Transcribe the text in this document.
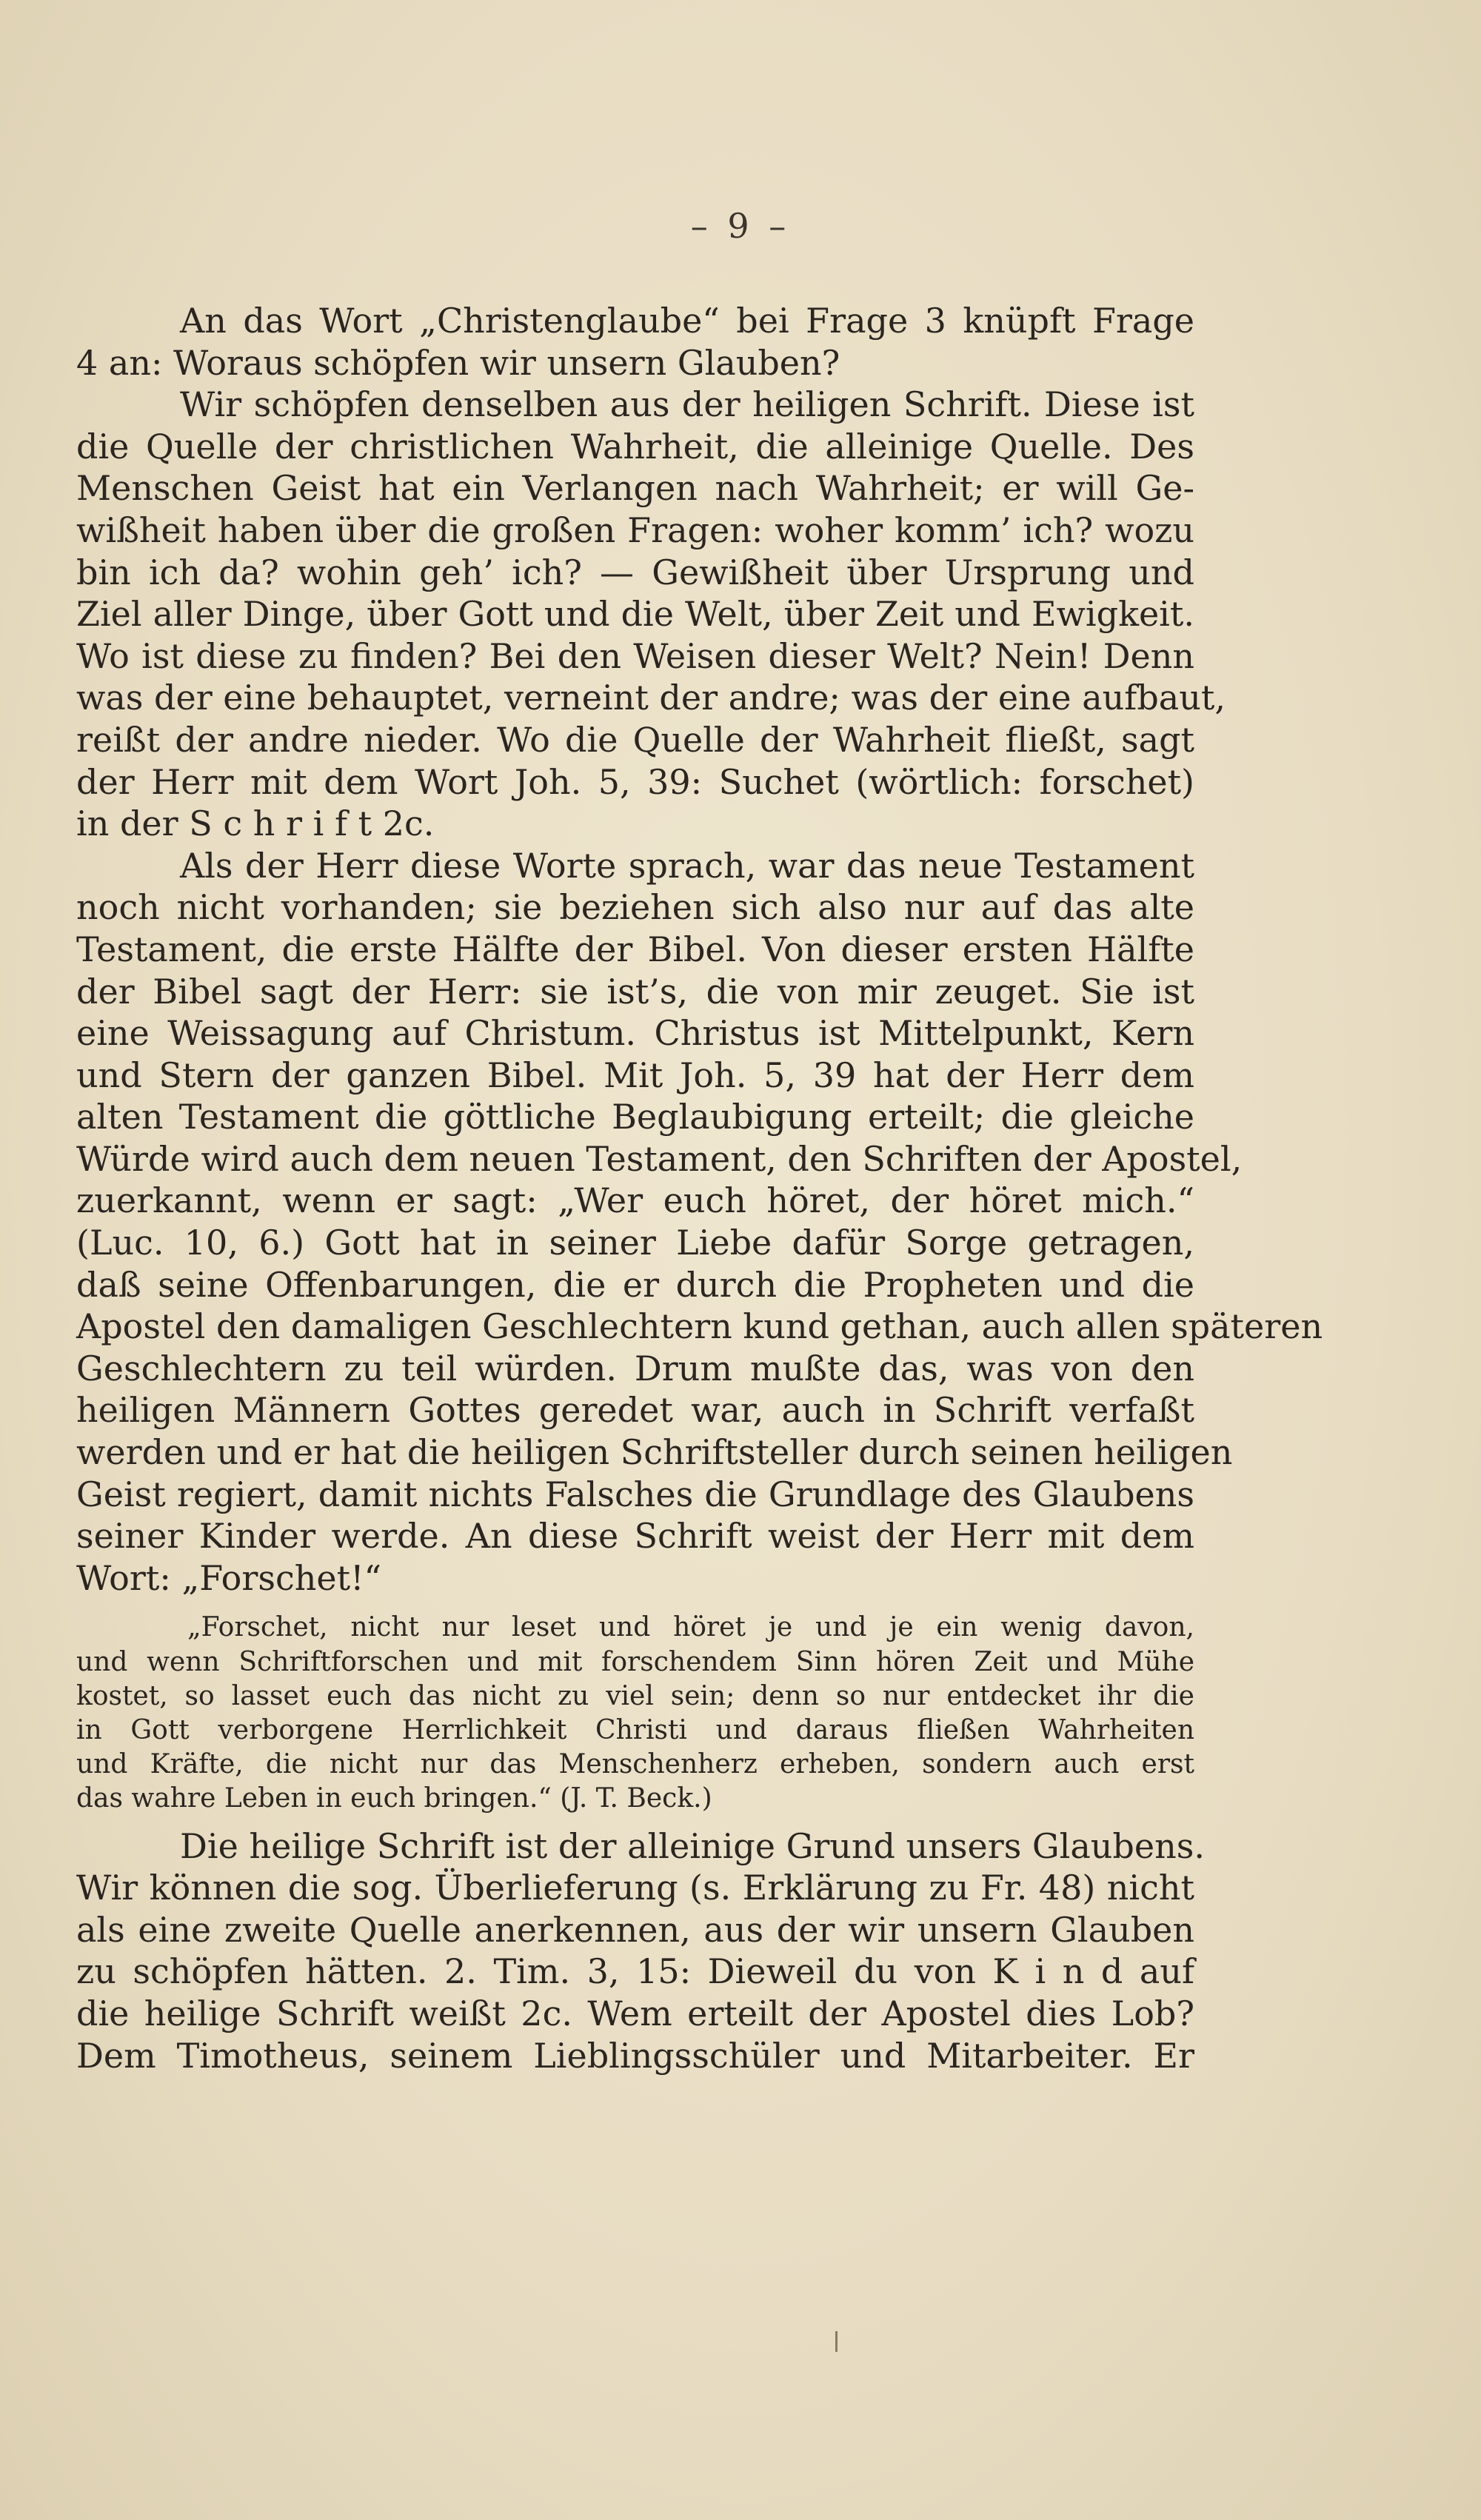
– 9 –
An das Wort „Christenglaube“ bei Frage 3 knüpft Frage
4 an: Woraus schöpfen wir unsern Glauben?
Wir schöpfen denselben aus der heiligen Schrift. Diese ist
die Quelle der christlichen Wahrheit, die alleinige Quelle. Des
Menschen Geist hat ein Verlangen nach Wahrheit; er will Ge-
wißheit haben über die großen Fragen: woher komm’ ich? wozu
bin ich da? wohin geh’ ich? — Gewißheit über Ursprung und
Ziel aller Dinge, über Gott und die Welt, über Zeit und Ewigkeit.
Wo ist diese zu finden? Bei den Weisen dieser Welt? Nein! Denn
was der eine behauptet, verneint der andre; was der eine aufbaut,
reißt der andre nieder. Wo die Quelle der Wahrheit fließt, sagt
der Herr mit dem Wort Joh. 5, 39: Suchet (wörtlich: forschet)
in der S c h r i f t 2c.
Als der Herr diese Worte sprach, war das neue Testament
noch nicht vorhanden; sie beziehen sich also nur auf das alte
Testament, die erste Hälfte der Bibel. Von dieser ersten Hälfte
der Bibel sagt der Herr: sie ist’s, die von mir zeuget. Sie ist
eine Weissagung auf Christum. Christus ist Mittelpunkt, Kern
und Stern der ganzen Bibel. Mit Joh. 5, 39 hat der Herr dem
alten Testament die göttliche Beglaubigung erteilt; die gleiche
Würde wird auch dem neuen Testament, den Schriften der Apostel,
zuerkannt, wenn er sagt: „Wer euch höret, der höret mich.“
(Luc. 10, 6.) Gott hat in seiner Liebe dafür Sorge getragen,
daß seine Offenbarungen, die er durch die Propheten und die
Apostel den damaligen Geschlechtern kund gethan, auch allen späteren
Geschlechtern zu teil würden. Drum mußte das, was von den
heiligen Männern Gottes geredet war, auch in Schrift verfaßt
werden und er hat die heiligen Schriftsteller durch seinen heiligen
Geist regiert, damit nichts Falsches die Grundlage des Glaubens
seiner Kinder werde. An diese Schrift weist der Herr mit dem
Wort: „Forschet!“
„Forschet, nicht nur leset und höret je und je ein wenig davon,
und wenn Schriftforschen und mit forschendem Sinn hören Zeit und Mühe
kostet, so lasset euch das nicht zu viel sein; denn so nur entdecket ihr die
in Gott verborgene Herrlichkeit Christi und daraus fließen Wahrheiten
und Kräfte, die nicht nur das Menschenherz erheben, sondern auch erst
das wahre Leben in euch bringen.“ (J. T. Beck.)
Die heilige Schrift ist der alleinige Grund unsers Glaubens.
Wir können die sog. Überlieferung (s. Erklärung zu Fr. 48) nicht
als eine zweite Quelle anerkennen, aus der wir unsern Glauben
zu schöpfen hätten. 2. Tim. 3, 15: Dieweil du von K i n d auf
die heilige Schrift weißt 2c. Wem erteilt der Apostel dies Lob?
Dem Timotheus, seinem Lieblingsschüler und Mitarbeiter. Er
